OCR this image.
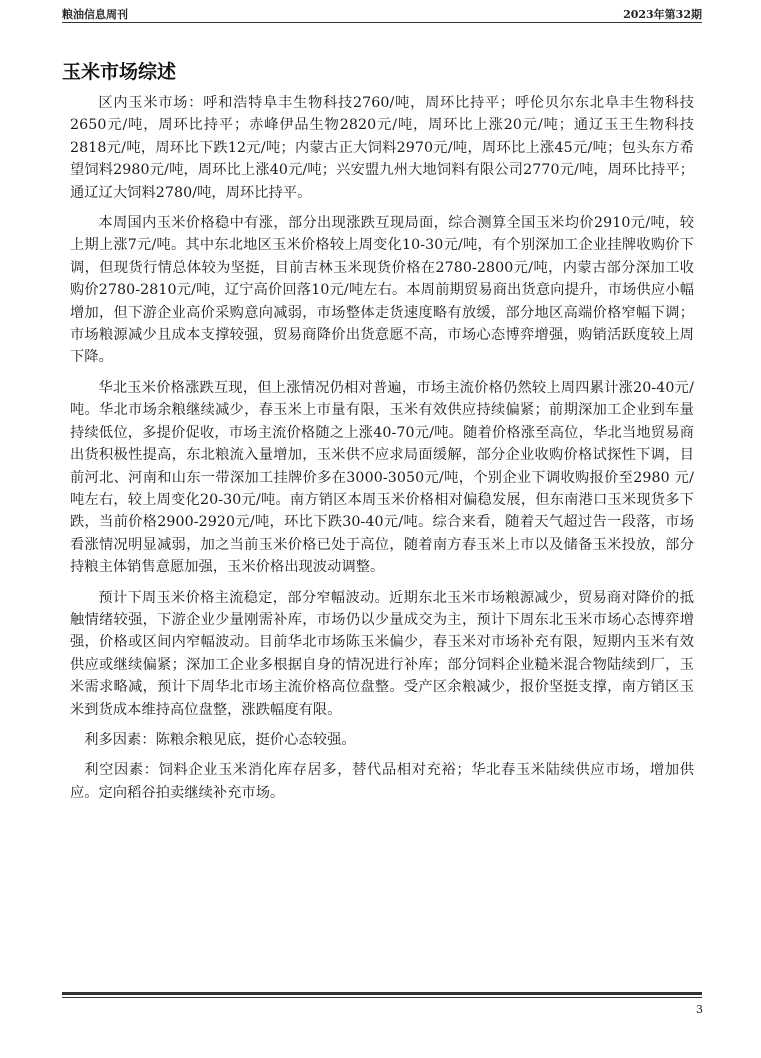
粮油信息周刊	2023年第32期
玉米市场综述

区内玉米市场：呼和浩特阜丰生物科技2760/吨，周环比持平；呼伦贝尔东北阜丰生物科技2650元/吨，周环比持平；赤峰伊品生物2820元/吨，周环比上涨20元/吨；通辽玉王生物科技2818元/吨，周环比下跌12元/吨；内蒙古正大饲料2970元/吨，周环比上涨45元/吨；包头东方希望饲料2980元/吨，周环比上涨40元/吨；兴安盟九州大地饲料有限公司2770元/吨，周环比持平；通辽辽大饲料2780/吨，周环比持平。

本周国内玉米价格稳中有涨，部分出现涨跌互现局面，综合测算全国玉米均价2910元/吨，较上期上涨7元/吨。其中东北地区玉米价格较上周变化10-30元/吨，有个别深加工企业挂牌收购价下调，但现货行情总体较为坚挺，目前吉林玉米现货价格在2780-2800元/吨，内蒙古部分深加工收购价2780-2810元/吨，辽宁高价回落10元/吨左右。本周前期贸易商出货意向提升，市场供应小幅增加，但下游企业高价采购意向减弱，市场整体走货速度略有放缓，部分地区高端价格窄幅下调；市场粮源减少且成本支撑较强，贸易商降价出货意愿不高，市场心态博弈增强，购销活跃度较上周下降。

华北玉米价格涨跌互现，但上涨情况仍相对普遍，市场主流价格仍然较上周四累计涨20-40元/吨。华北市场余粮继续减少，春玉米上市量有限，玉米有效供应持续偏紧；前期深加工企业到车量持续低位，多提价促收，市场主流价格随之上涨40-70元/吨。随着价格涨至高位，华北当地贸易商出货积极性提高，东北粮流入量增加，玉米供不应求局面缓解，部分企业收购价格试探性下调，目前河北、河南和山东一带深加工挂牌价多在3000-3050元/吨，个别企业下调收购报价至2980 元/吨左右，较上周变化20-30元/吨。南方销区本周玉米价格相对偏稳发展，但东南港口玉米现货多下跌，当前价格2900-2920元/吨，环比下跌30-40元/吨。综合来看，随着天气超过告一段落，市场看涨情况明显减弱，加之当前玉米价格已处于高位，随着南方春玉米上市以及储备玉米投放，部分持粮主体销售意愿加强，玉米价格出现波动调整。

预计下周玉米价格主流稳定，部分窄幅波动。近期东北玉米市场粮源减少，贸易商对降价的抵触情绪较强，下游企业少量刚需补库，市场仍以少量成交为主，预计下周东北玉米市场心态博弈增强，价格或区间内窄幅波动。目前华北市场陈玉米偏少，春玉米对市场补充有限，短期内玉米有效供应或继续偏紧；深加工企业多根据自身的情况进行补库；部分饲料企业糙米混合物陆续到厂，玉米需求略减，预计下周华北市场主流价格高位盘整。受产区余粮减少，报价坚挺支撑，南方销区玉米到货成本维持高位盘整，涨跌幅度有限。

利多因素：陈粮余粮见底，挺价心态较强。

利空因素：饲料企业玉米消化库存居多，替代品相对充裕；华北春玉米陆续供应市场，增加供应。定向稻谷拍卖继续补充市场。

3
